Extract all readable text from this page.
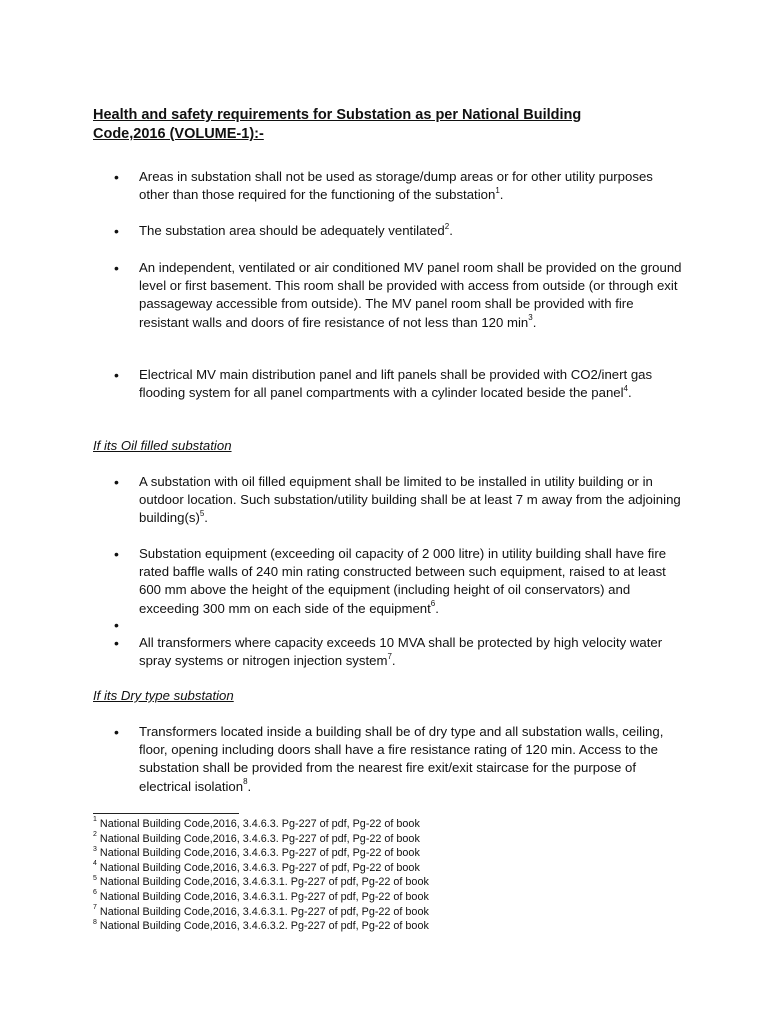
Health and safety requirements for Substation as per National Building Code,2016 (VOLUME-1):-
•
Areas in substation shall not be used as storage/dump areas or for other utility purposes other than those required for the functioning of the substation$^1$.
•
The substation area should be adequately ventilated$^2$.
•
An independent, ventilated or air conditioned MV panel room shall be provided on the ground level or first basement. This room shall be provided with access from outside (or through exit passageway accessible from outside). The MV panel room shall be provided with fire resistant walls and doors of fire resistance of not less than 120 $\min^3$.
•
Electrical MV main distribution panel and lift panels shall be provided with CO2/inert gas flooding system for all panel compartments with a cylinder located beside the panel$^4$.
If its Oil filled substation
•
A substation with oil filled equipment shall be limited to be installed in utility building or in outdoor location. Such substation/utility building shall be at least 7 m away from the adjoining $building(s)^5$.
•
Substation equipment (exceeding oil capacity of 2 000 litre) in utility building shall have fire rated baffle walls of 240 min rating constructed between such equipment, raised to at least 600 mm above the height of the equipment (including height of oil conservators) and exceeding 300 mm on each side of the equipment$^6$.
•
•
All transformers where capacity exceeds 10 MVA shall be protected by high velocity water spray systems or nitrogen injection system$^7$.
If its Dry type substation
•
Transformers located inside a building shall be of dry type and all substation walls, ceiling, floor, opening including doors shall have a fire resistance rating of 120 min. Access to the substation shall be provided from the nearest fire exit/exit staircase for the purpose of electrical isolation$^8$.
$^1$ National Building Code,2016, 3.4.6.3. Pg-227 of pdf, Pg-22 of book
$^2$ National Building Code,2016, 3.4.6.3. Pg-227 of pdf, Pg-22 of book
$^3$ National Building Code,2016, 3.4.6.3. Pg-227 of pdf, Pg-22 of book
$^4$ National Building Code,2016, 3.4.6.3. Pg-227 of pdf, Pg-22 of book
$^5$ National Building Code,2016, 3.4.6.3.1. Pg-227 of pdf, Pg-22 of book
$^6$ National Building Code,2016, 3.4.6.3.1. Pg-227 of pdf, Pg-22 of book
$^7$ National Building Code,2016, 3.4.6.3.1. Pg-227 of pdf, Pg-22 of book
$^8$ National Building Code,2016, 3.4.6.3.2. Pg-227 of pdf, Pg-22 of book
